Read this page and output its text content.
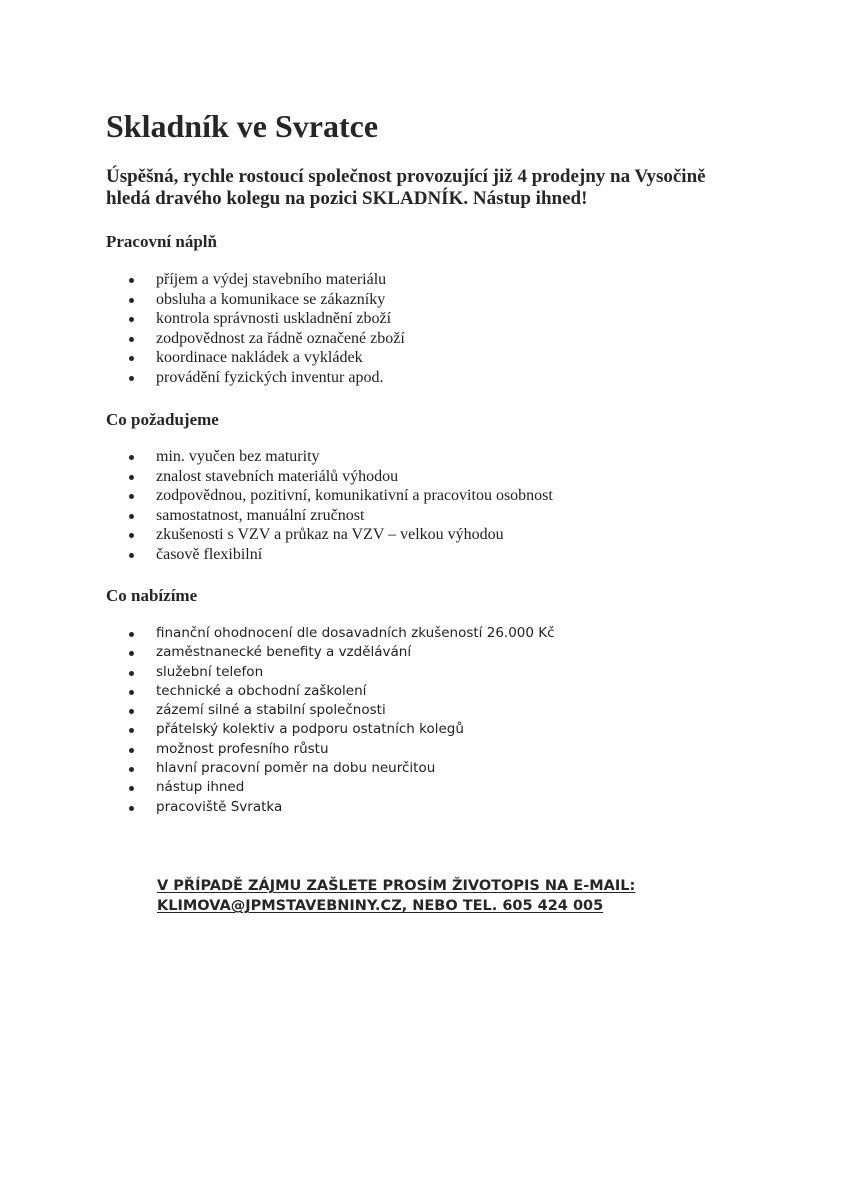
Skladník ve Svratce

Úspěšná, rychle rostoucí společnost provozující již 4 prodejny na Vysočině
hledá dravého kolegu na pozici SKLADNÍK. Nástup ihned!

Pracovní náplň
příjem a výdej stavebního materiálu
obsluha a komunikace se zákazníky
kontrola správnosti uskladnění zboží
zodpovědnost za řádně označené zboží
koordinace nakládek a vykládek
provádění fyzických inventur apod.
Co požadujeme
min. vyučen bez maturity
znalost stavebních materiálů výhodou
zodpovědnou, pozitivní, komunikativní a pracovitou osobnost
samostatnost, manuální zručnost
zkušenosti s VZV a průkaz na VZV – velkou výhodou
časově flexibilní
Co nabízíme
finanční ohodnocení dle dosavadních zkušeností 26.000 Kč
zaměstnanecké benefity a vzdělávání
služební telefon
technické a obchodní zaškolení
zázemí silné a stabilní společnosti
přátelský kolektiv a podporu ostatních kolegů
možnost profesního růstu
hlavní pracovní poměr na dobu neurčitou
nástup ihned
pracoviště Svratka

V PŘÍPADĚ ZÁJMU ZAŠLETE PROSÍM ŽIVOTOPIS NA E-MAIL:
KLIMOVA@JPMSTAVEBNINY.CZ, NEBO TEL. 605 424 005
